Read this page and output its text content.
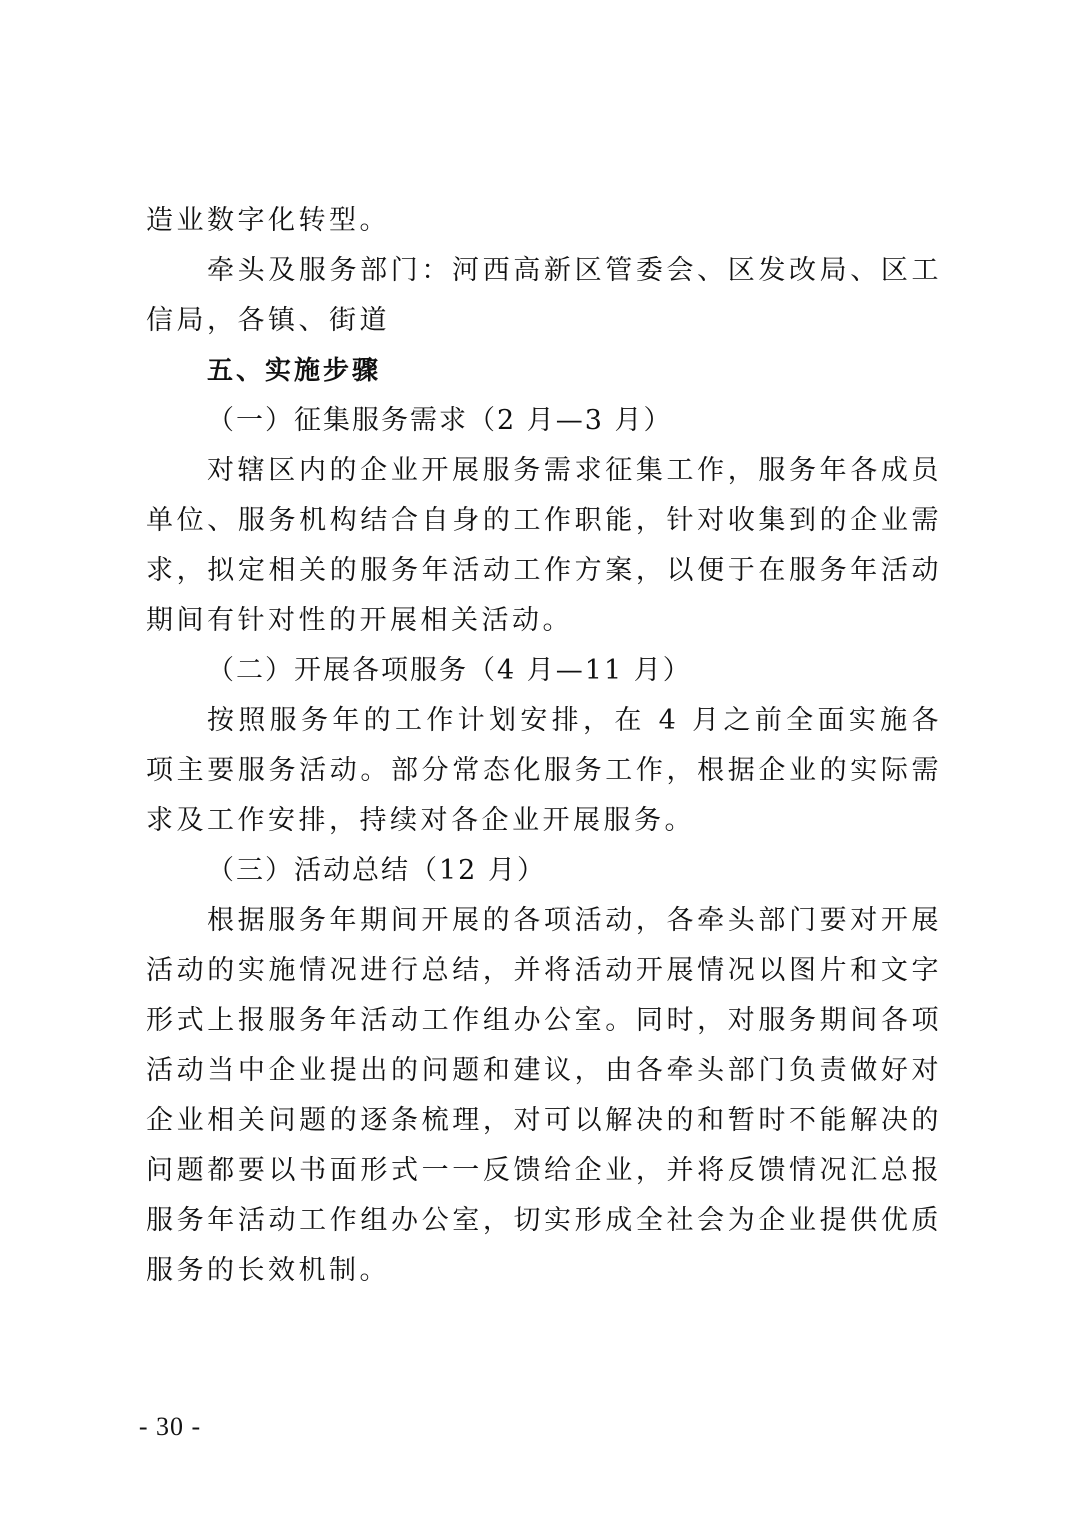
造业数字化转型。

牵头及服务部门：河西高新区管委会、区发改局、区工信局，各镇、街道

五、实施步骤

（一）征集服务需求（2 月—3 月）

对辖区内的企业开展服务需求征集工作，服务年各成员单位、服务机构结合自身的工作职能，针对收集到的企业需求，拟定相关的服务年活动工作方案，以便于在服务年活动期间有针对性的开展相关活动。

（二）开展各项服务（4 月—11 月）

按照服务年的工作计划安排，在 4 月之前全面实施各项主要服务活动。部分常态化服务工作，根据企业的实际需求及工作安排，持续对各企业开展服务。

（三）活动总结（12 月）

根据服务年期间开展的各项活动，各牵头部门要对开展活动的实施情况进行总结，并将活动开展情况以图片和文字形式上报服务年活动工作组办公室。同时，对服务期间各项活动当中企业提出的问题和建议，由各牵头部门负责做好对企业相关问题的逐条梳理，对可以解决的和暂时不能解决的问题都要以书面形式一一反馈给企业，并将反馈情况汇总报服务年活动工作组办公室，切实形成全社会为企业提供优质服务的长效机制。

- 30 -
